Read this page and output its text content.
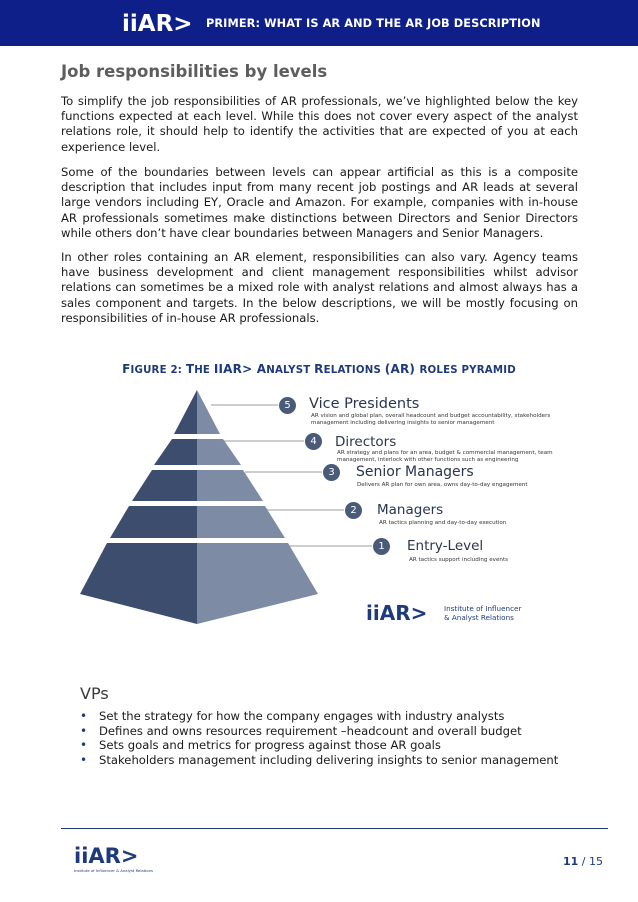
iiAR> PRIMER: WHAT IS AR AND THE AR JOB DESCRIPTION
Job responsibilities by levels

To simplify the job responsibilities of AR professionals, we’ve highlighted below the key functions expected at each level. While this does not cover every aspect of the analyst relations role, it should help to identify the activities that are expected of you at each experience level.

Some of the boundaries between levels can appear artificial as this is a composite description that includes input from many recent job postings and AR leads at several large vendors including EY, Oracle and Amazon. For example, companies with in-house AR professionals sometimes make distinctions between Directors and Senior Directors while others don’t have clear boundaries between Managers and Senior Managers.

In other roles containing an AR element, responsibilities can also vary. Agency teams have business development and client management responsibilities whilst advisor relations can sometimes be a mixed role with analyst relations and almost always has a sales component and targets. In the below descriptions, we will be mostly focusing on responsibilities of in-house AR professionals.

FIGURE 2: THE IIAR> ANALYST RELATIONS (AR) ROLES PYRAMID
5	Vice Presidents
AR vision and global plan, overall headcount and budget accountability, stakeholders
management including delivering insights to senior management
4	Directors
AR strategy and plans for an area, budget & commercial management, team
management, interlock with other functions such as engineering
3	Senior Managers
Delivers AR plan for own area, owns day-to-day engagement
2	Managers
AR tactics planning and day-to-day execution
1	Entry-Level
AR tactics support including events
iiAR> Institute of Influencer
& Analyst Relations
VPs
• Set the strategy for how the company engages with industry analysts
• Defines and owns resources requirement –headcount and overall budget
• Sets goals and metrics for progress against those AR goals
• Stakeholders management including delivering insights to senior management
iiAR>
Institute of Influencer & Analyst Relations
11 / 15
